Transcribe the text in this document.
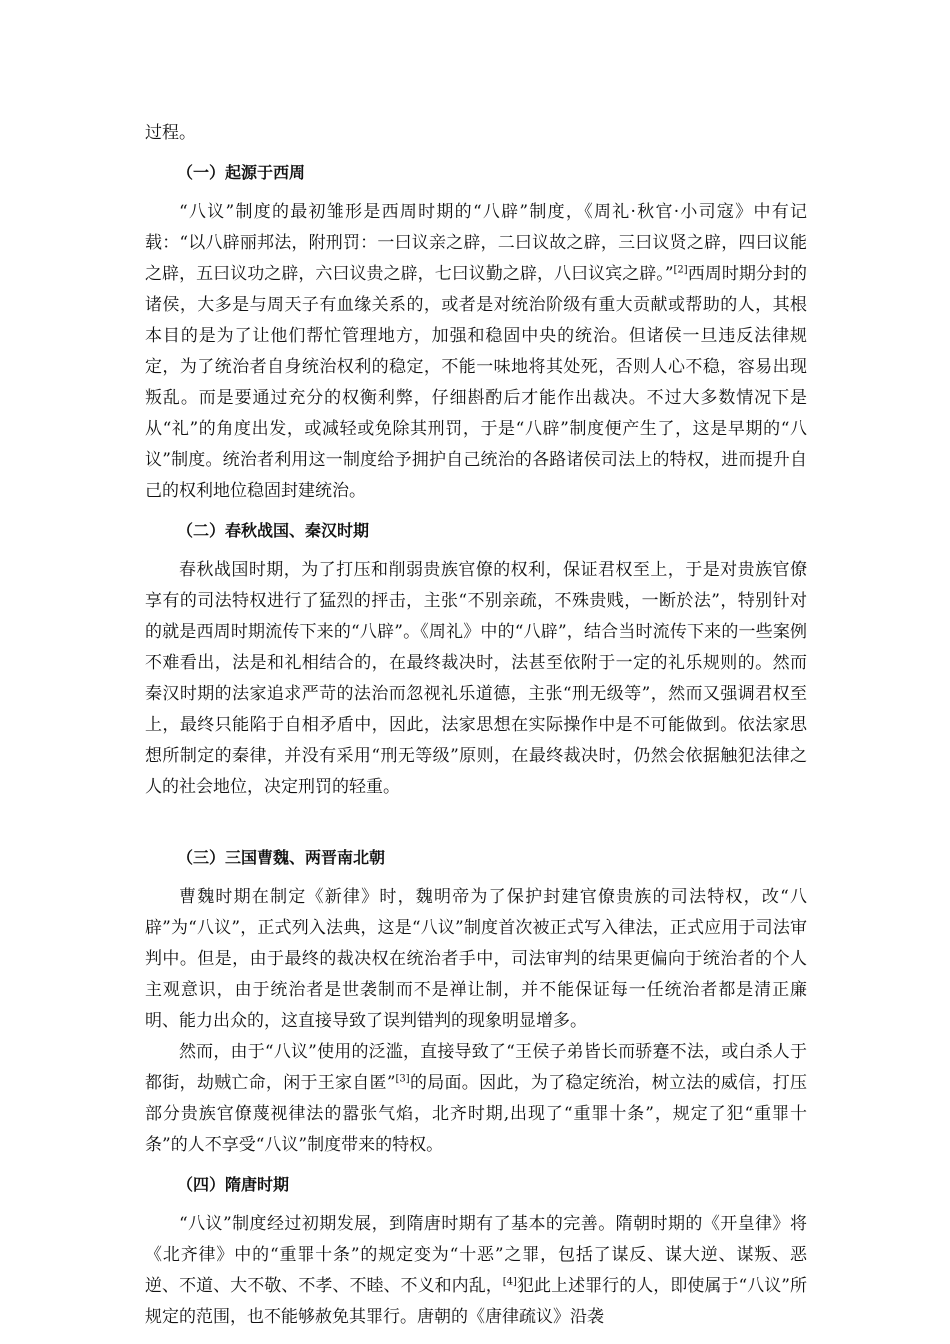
过程。

（一）起源于西周

“八议”制度的最初雏形是西周时期的“八辟”制度，《周礼·秋官·小司寇》中有记载：“以八辟丽邦法，附刑罚：一曰议亲之辟，二曰议故之辟，三曰议贤之辟，四曰议能之辟，五曰议功之辟，六曰议贵之辟，七曰议勤之辟，八曰议宾之辟。”[2]西周时期分封的诸侯，大多是与周天子有血缘关系的，或者是对统治阶级有重大贡献或帮助的人，其根本目的是为了让他们帮忙管理地方，加强和稳固中央的统治。但诸侯一旦违反法律规定，为了统治者自身统治权利的稳定，不能一味地将其处死，否则人心不稳，容易出现叛乱。而是要通过充分的权衡利弊，仔细斟酌后才能作出裁决。不过大多数情况下是从“礼”的角度出发，或减轻或免除其刑罚，于是“八辟”制度便产生了，这是早期的“八议”制度。统治者利用这一制度给予拥护自己统治的各路诸侯司法上的特权，进而提升自己的权利地位稳固封建统治。

（二）春秋战国、秦汉时期

春秋战国时期，为了打压和削弱贵族官僚的权利，保证君权至上，于是对贵族官僚享有的司法特权进行了猛烈的抨击，主张“不别亲疏，不殊贵贱，一断於法”，特别针对的就是西周时期流传下来的“八辟”。《周礼》中的“八辟”，结合当时流传下来的一些案例不难看出，法是和礼相结合的，在最终裁决时，法甚至依附于一定的礼乐规则的。然而秦汉时期的法家追求严苛的法治而忽视礼乐道德，主张“刑无级等”，然而又强调君权至上，最终只能陷于自相矛盾中，因此，法家思想在实际操作中是不可能做到。依法家思想所制定的秦律，并没有采用“刑无等级”原则，在最终裁决时，仍然会依据触犯法律之人的社会地位，决定刑罚的轻重。

（三）三国曹魏、两晋南北朝

曹魏时期在制定《新律》时，魏明帝为了保护封建官僚贵族的司法特权，改“八辟”为“八议”，正式列入法典，这是“八议”制度首次被正式写入律法，正式应用于司法审判中。但是，由于最终的裁决权在统治者手中，司法审判的结果更偏向于统治者的个人主观意识，由于统治者是世袭制而不是禅让制，并不能保证每一任统治者都是清正廉明、能力出众的，这直接导致了误判错判的现象明显增多。

然而，由于“八议”使用的泛滥，直接导致了“王侯子弟皆长而骄蹇不法，或白杀人于都街，劫贼亡命，闲于王家自匿”[3]的局面。因此，为了稳定统治，树立法的威信，打压部分贵族官僚蔑视律法的嚣张气焰，北齐时期,出现了“重罪十条”，规定了犯“重罪十条”的人不享受“八议”制度带来的特权。

（四）隋唐时期

“八议”制度经过初期发展，到隋唐时期有了基本的完善。隋朝时期的《开皇律》将《北齐律》中的“重罪十条”的规定变为“十恶”之罪，包括了谋反、谋大逆、谋叛、恶逆、不道、大不敬、不孝、不睦、不义和内乱，[4]犯此上述罪行的人，即使属于“八议”所规定的范围，也不能够赦免其罪行。唐朝的《唐律疏议》沿袭
